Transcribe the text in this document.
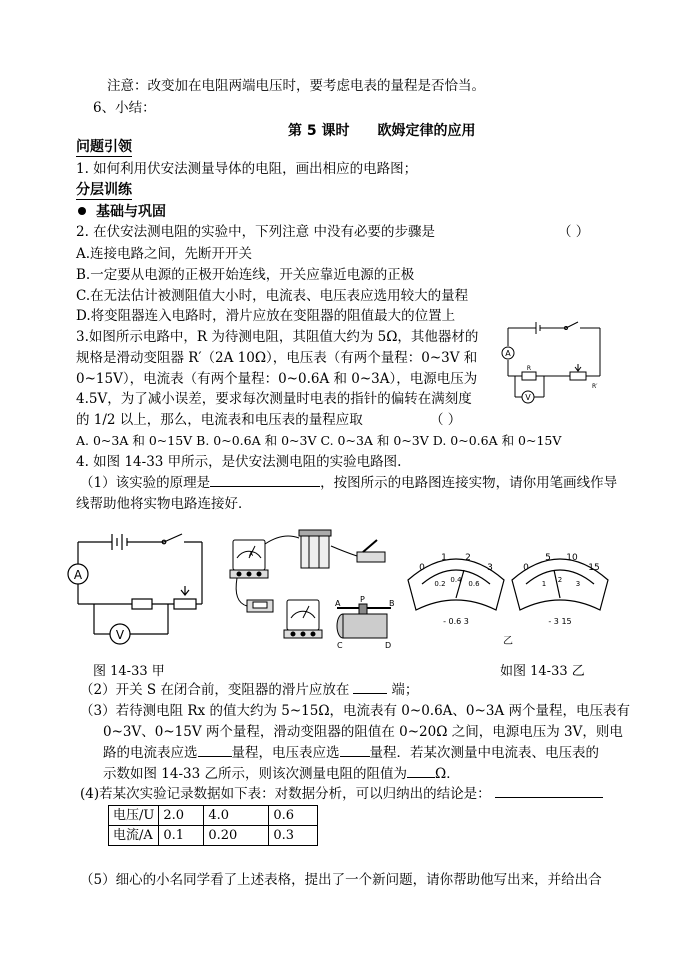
注意：改变加在电阻两端电压时，要考虑电表的量程是否恰当。
6、小结：
第 5 课时 欧姆定律的应用
问题引领
1. 如何利用伏安法测量导体的电阻，画出相应的电路图；
分层训练
基础与巩固
2. 在伏安法测电阻的实验中，下列注意 中没有必要的步骤是	（ ）
A.连接电路之间，先断开开关
B.一定要从电源的正极开始连线，开关应靠近电源的正极
C.在无法估计被测阻值大小时，电流表、电压表应选用较大的量程
D.将变阻器连入电路时，滑片应放在变阻器的阻值最大的位置上
3.如图所示电路中，R 为待测电阻，其阻值大约为 5Ω，其他器材的
规格是滑动变阻器 R′（2A 10Ω），电压表（有两个量程：0~3V 和
0~15V），电流表（有两个量程：0~0.6A 和 0~3A），电源电压为
4.5V，为了减小误差，要求每次测量时电表的指针的偏转在满刻度
的 1/2 以上，那么，电流表和电压表的量程应取	（ ）
A. 0~3A 和 0~15V B. 0~0.6A 和 0~3V C. 0~3A 和 0~3V D. 0~0.6A 和 0~15V
A
V
R
R′
4. 如图 14-33 甲所示，是伏安法测电阻的实验电路图.
（1）该实验的原理是	，按图所示的电路图连接实物，请你用笔画线作导
线帮助他将实物电路连接好．
A
V
A
A P	B
C	D
0
1 2
3
0.2 0.4 0.6
0
5 10
15
1 2 3
- 0.6 3	- 3 15
乙
图 14-33 甲	如图 14-33 乙
（2）开关 S 在闭合前，变阻器的滑片应放在	端；
（3）若待测电阻 Rx 的值大约为 5~15Ω，电流表有 0~0.6A、0~3A 两个量程，电压表有
0~3V、0~15V 两个量程，滑动变阻器的阻值在 0~20Ω 之间，电源电压为 3V，则电
路的电流表应选	量程，电压表应选 量程．若某次测量中电流表、电压表的
示数如图 14-33 乙所示，则该次测量电阻的阻值为 Ω．
(4)若某次实验记录数据如下表：对数据分析，可以归纳出的结论是：
电压/U	2.0	4.0	0.6
电流/A	0.1	0.20	0.3
（5）细心的小名同学看了上述表格，提出了一个新问题，请你帮助他写出来，并给出合
